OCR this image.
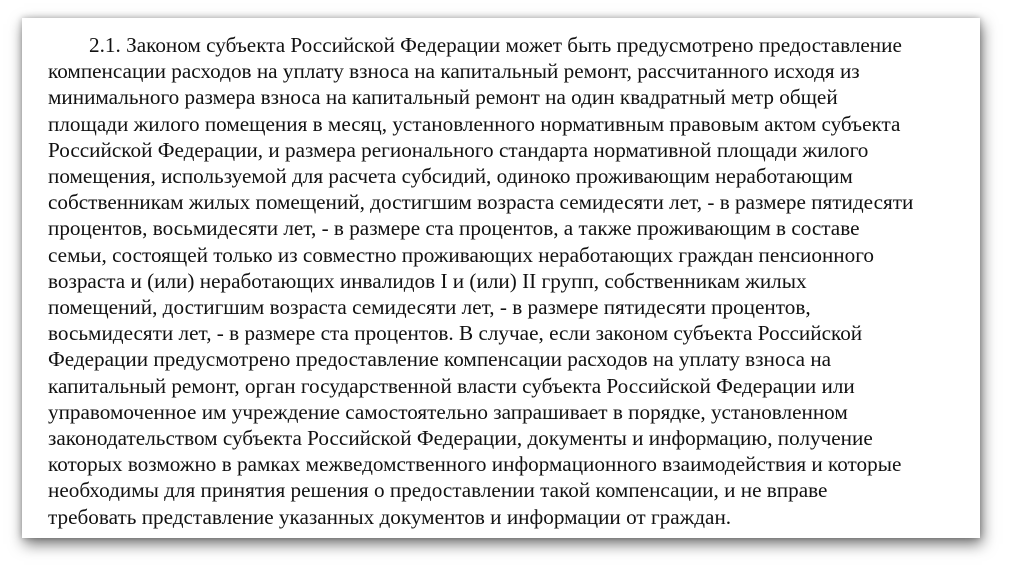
2.1. Законом субъекта Российской Федерации может быть предусмотрено предоставление
компенсации расходов на уплату взноса на капитальный ремонт, рассчитанного исходя из
минимального размера взноса на капитальный ремонт на один квадратный метр общей
площади жилого помещения в месяц, установленного нормативным правовым актом субъекта
Российской Федерации, и размера регионального стандарта нормативной площади жилого
помещения, используемой для расчета субсидий, одиноко проживающим неработающим
собственникам жилых помещений, достигшим возраста семидесяти лет, - в размере пятидесяти
процентов, восьмидесяти лет, - в размере ста процентов, а также проживающим в составе
семьи, состоящей только из совместно проживающих неработающих граждан пенсионного
возраста и (или) неработающих инвалидов I и (или) II групп, собственникам жилых
помещений, достигшим возраста семидесяти лет, - в размере пятидесяти процентов,
восьмидесяти лет, - в размере ста процентов. В случае, если законом субъекта Российской
Федерации предусмотрено предоставление компенсации расходов на уплату взноса на
капитальный ремонт, орган государственной власти субъекта Российской Федерации или
управомоченное им учреждение самостоятельно запрашивает в порядке, установленном
законодательством субъекта Российской Федерации, документы и информацию, получение
которых возможно в рамках межведомственного информационного взаимодействия и которые
необходимы для принятия решения о предоставлении такой компенсации, и не вправе
требовать представление указанных документов и информации от граждан.
